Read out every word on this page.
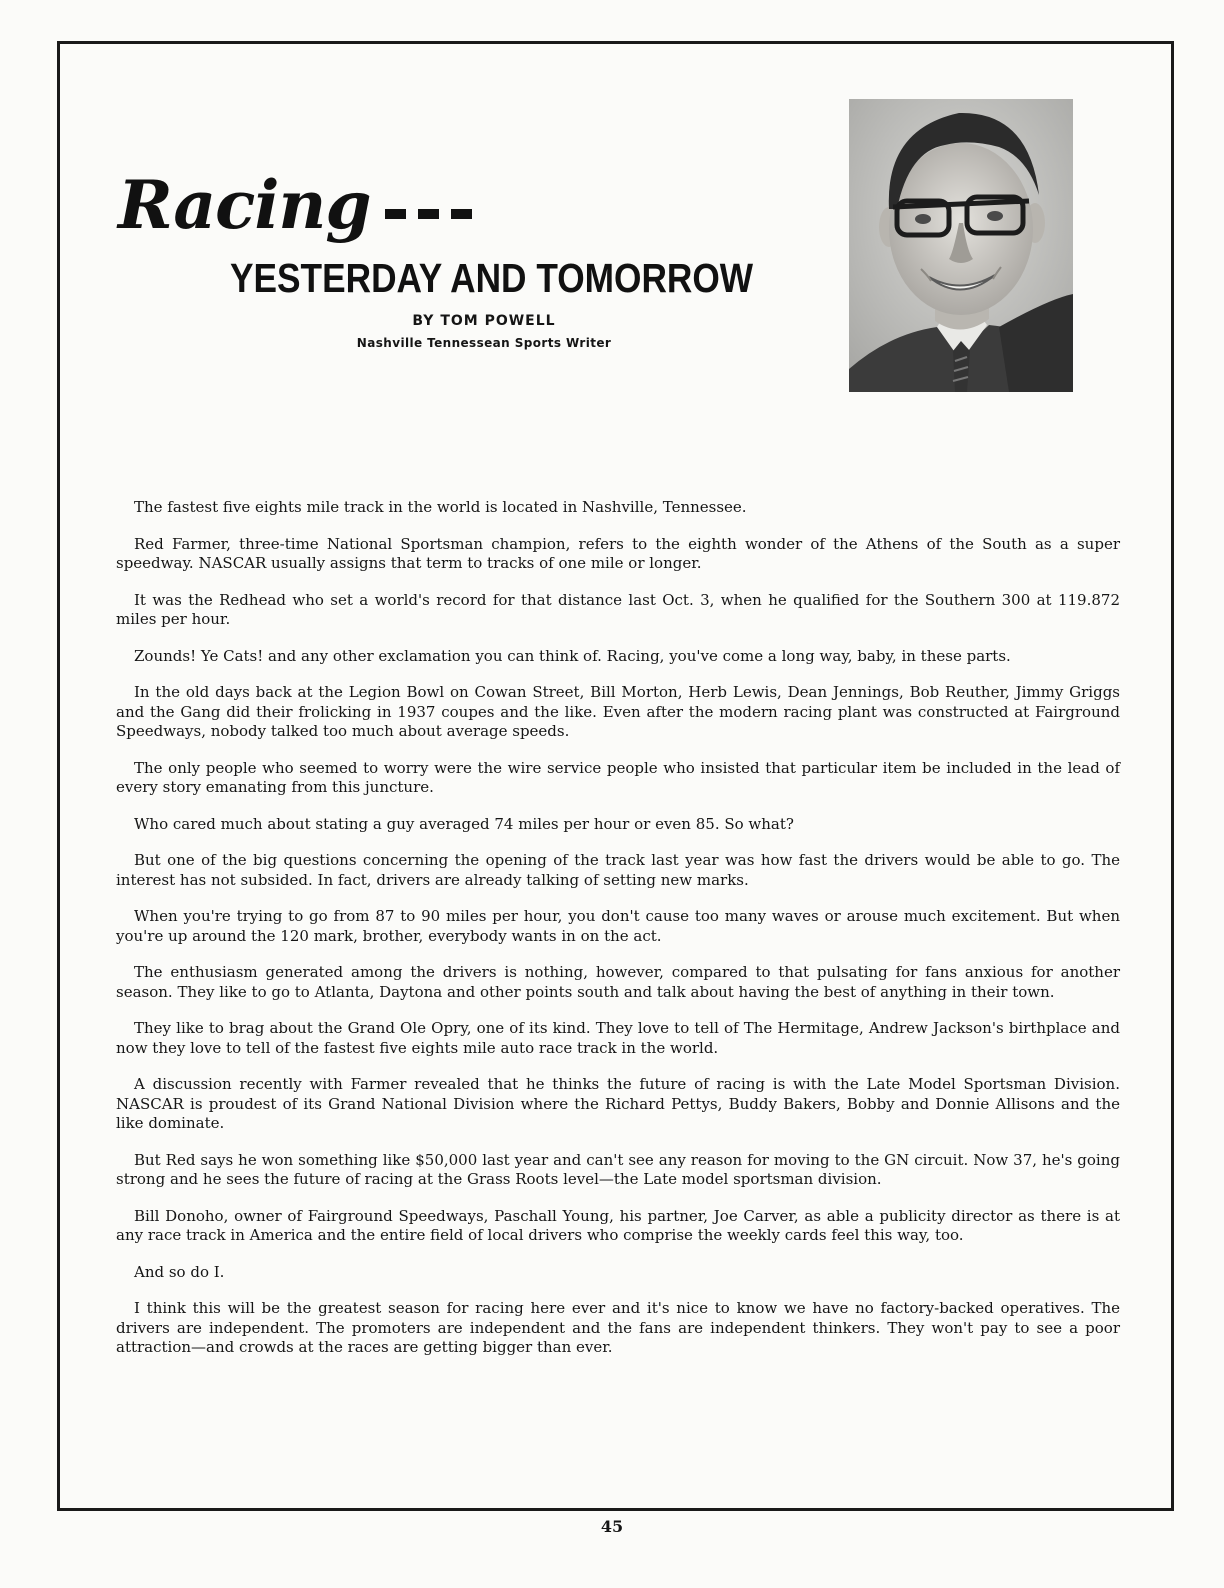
Racing
YESTERDAY AND TOMORROW
BY TOM POWELL
Nashville Tennessean Sports Writer

The fastest five eights mile track in the world is located in Nashville, Tennessee.

Red Farmer, three-time National Sportsman champion, refers to the eighth wonder of the Athens of the South as a super speedway. NASCAR usually assigns that term to tracks of one mile or longer.

It was the Redhead who set a world's record for that distance last Oct. 3, when he qualified for the Southern 300 at 119.872 miles per hour.

Zounds! Ye Cats! and any other exclamation you can think of. Racing, you've come a long way, baby, in these parts.

In the old days back at the Legion Bowl on Cowan Street, Bill Morton, Herb Lewis, Dean Jennings, Bob Reuther, Jimmy Griggs and the Gang did their frolicking in 1937 coupes and the like. Even after the modern racing plant was constructed at Fairground Speedways, nobody talked too much about average speeds.

The only people who seemed to worry were the wire service people who insisted that particular item be included in the lead of every story emanating from this juncture.

Who cared much about stating a guy averaged 74 miles per hour or even 85. So what?

But one of the big questions concerning the opening of the track last year was how fast the drivers would be able to go. The interest has not subsided. In fact, drivers are already talking of setting new marks.

When you're trying to go from 87 to 90 miles per hour, you don't cause too many waves or arouse much excitement. But when you're up around the 120 mark, brother, everybody wants in on the act.

The enthusiasm generated among the drivers is nothing, however, compared to that pulsating for fans anxious for another season. They like to go to Atlanta, Daytona and other points south and talk about having the best of anything in their town.

They like to brag about the Grand Ole Opry, one of its kind. They love to tell of The Hermitage, Andrew Jackson's birthplace and now they love to tell of the fastest five eights mile auto race track in the world.

A discussion recently with Farmer revealed that he thinks the future of racing is with the Late Model Sportsman Division. NASCAR is proudest of its Grand National Division where the Richard Pettys, Buddy Bakers, Bobby and Donnie Allisons and the like dominate.

But Red says he won something like $50,000 last year and can't see any reason for moving to the GN circuit. Now 37, he's going strong and he sees the future of racing at the Grass Roots level—the Late model sportsman division.

Bill Donoho, owner of Fairground Speedways, Paschall Young, his partner, Joe Carver, as able a publicity director as there is at any race track in America and the entire field of local drivers who comprise the weekly cards feel this way, too.

And so do I.

I think this will be the greatest season for racing here ever and it's nice to know we have no factory-backed operatives. The drivers are independent. The promoters are independent and the fans are independent thinkers. They won't pay to see a poor attraction—and crowds at the races are getting bigger than ever.

45
